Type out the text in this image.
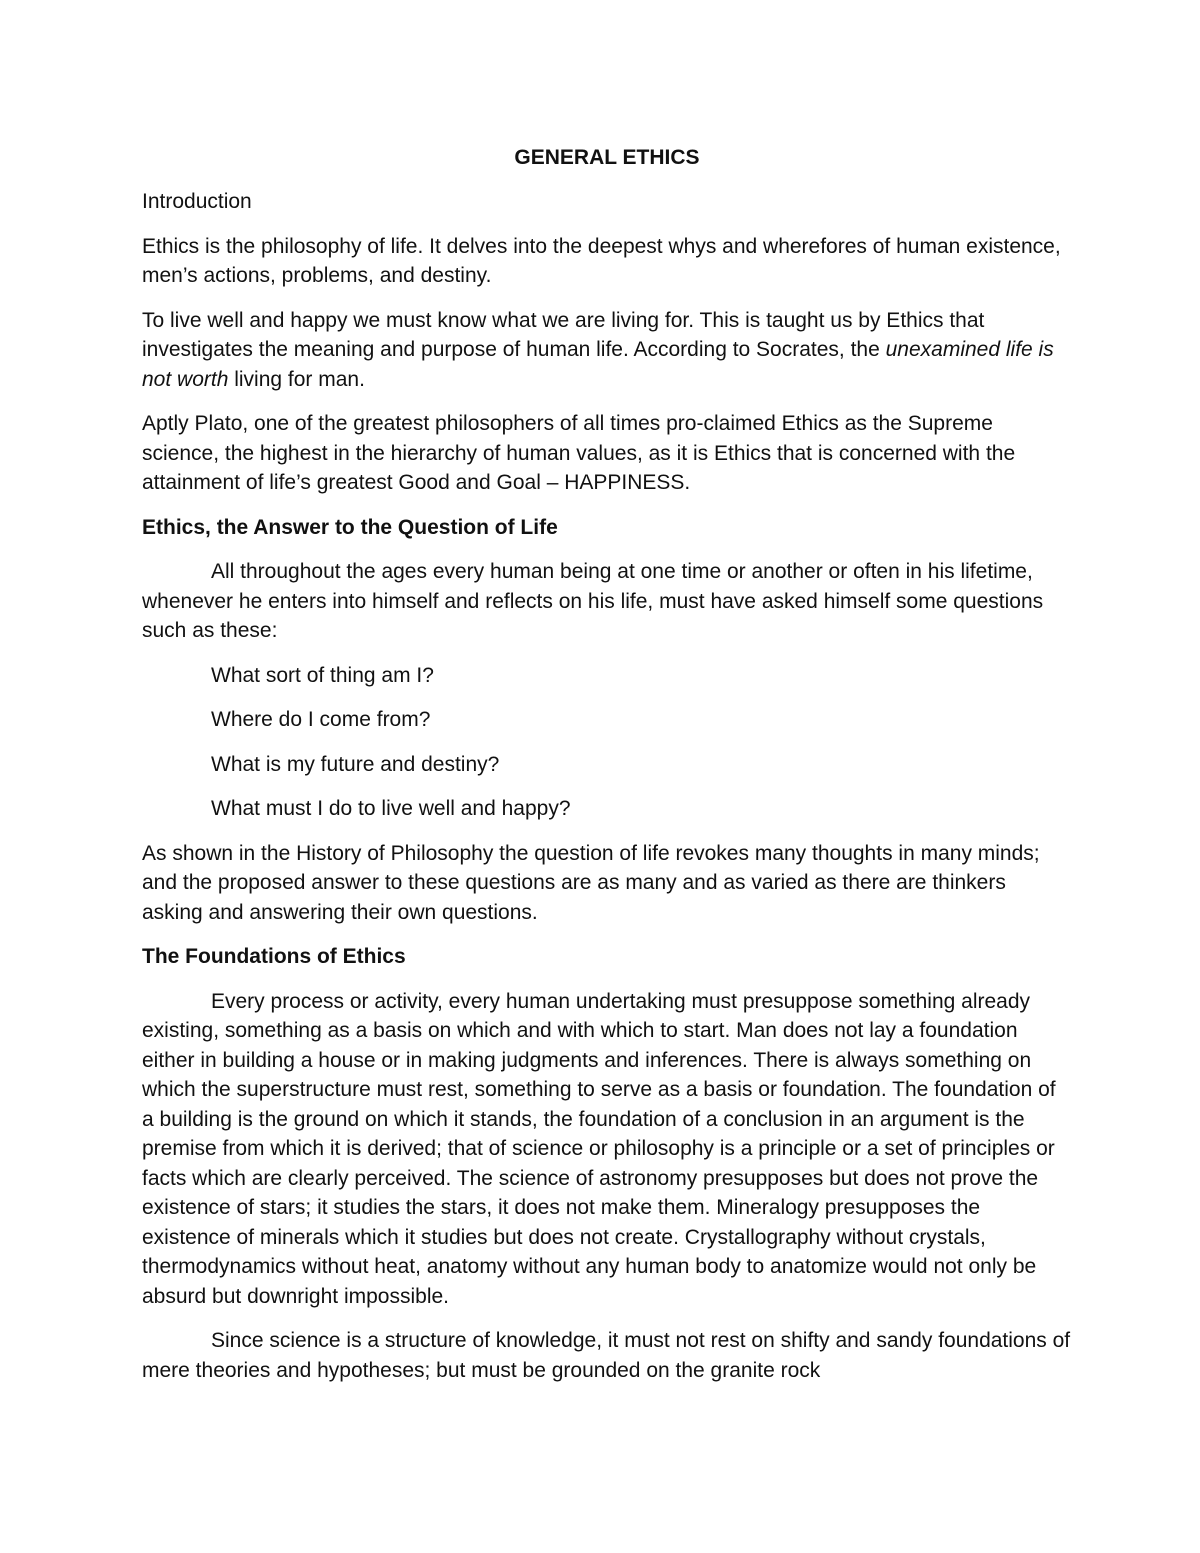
GENERAL ETHICS
Introduction
Ethics is the philosophy of life. It delves into the deepest whys and wherefores of human existence, men’s actions, problems, and destiny.
To live well and happy we must know what we are living for. This is taught us by Ethics that investigates the meaning and purpose of human life. According to Socrates, the unexamined life is not worth living for man.
Aptly Plato, one of the greatest philosophers of all times pro-claimed Ethics as the Supreme science, the highest in the hierarchy of human values, as it is Ethics that is concerned with the attainment of life’s greatest Good and Goal – HAPPINESS.
Ethics, the Answer to the Question of Life
All throughout the ages every human being at one time or another or often in his lifetime, whenever he enters into himself and reflects on his life, must have asked himself some questions such as these:
What sort of thing am I?
Where do I come from?
What is my future and destiny?
What must I do to live well and happy?
As shown in the History of Philosophy the question of life revokes many thoughts in many minds; and the proposed answer to these questions are as many and as varied as there are thinkers asking and answering their own questions.
The Foundations of Ethics
Every process or activity, every human undertaking must presuppose something already existing, something as a basis on which and with which to start. Man does not lay a foundation either in building a house or in making judgments and inferences. There is always something on which the superstructure must rest, something to serve as a basis or foundation. The foundation of a building is the ground on which it stands, the foundation of a conclusion in an argument is the premise from which it is derived; that of science or philosophy is a principle or a set of principles or facts which are clearly perceived. The science of astronomy presupposes but does not prove the existence of stars; it studies the stars, it does not make them. Mineralogy presupposes the existence of minerals which it studies but does not create. Crystallography without crystals, thermodynamics without heat, anatomy without any human body to anatomize would not only be absurd but downright impossible.
Since science is a structure of knowledge, it must not rest on shifty and sandy foundations of mere theories and hypotheses; but must be grounded on the granite rock
